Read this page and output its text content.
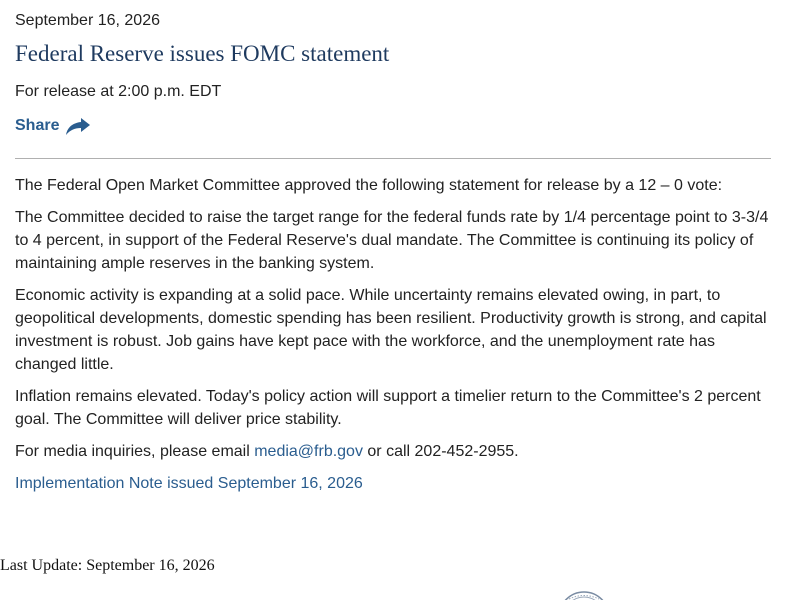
September 16, 2026
Federal Reserve issues FOMC statement
For release at 2:00 p.m. EDT
Share

The Federal Open Market Committee approved the following statement for release by a 12 – 0 vote:

The Committee decided to raise the target range for the federal funds rate by 1/4 percentage point to 3-3/4 to 4 percent, in support of the Federal Reserve's dual mandate. The Committee is continuing its policy of maintaining ample reserves in the banking system.

Economic activity is expanding at a solid pace. While uncertainty remains elevated owing, in part, to geopolitical developments, domestic spending has been resilient. Productivity growth is strong, and capital investment is robust. Job gains have kept pace with the workforce, and the unemployment rate has changed little.

Inflation remains elevated. Today's policy action will support a timelier return to the Committee's 2 percent goal. The Committee will deliver price stability.

For media inquiries, please email media@frb.gov or call 202-452-2955.

Implementation Note issued September 16, 2026

Last Update: September 16, 2026
